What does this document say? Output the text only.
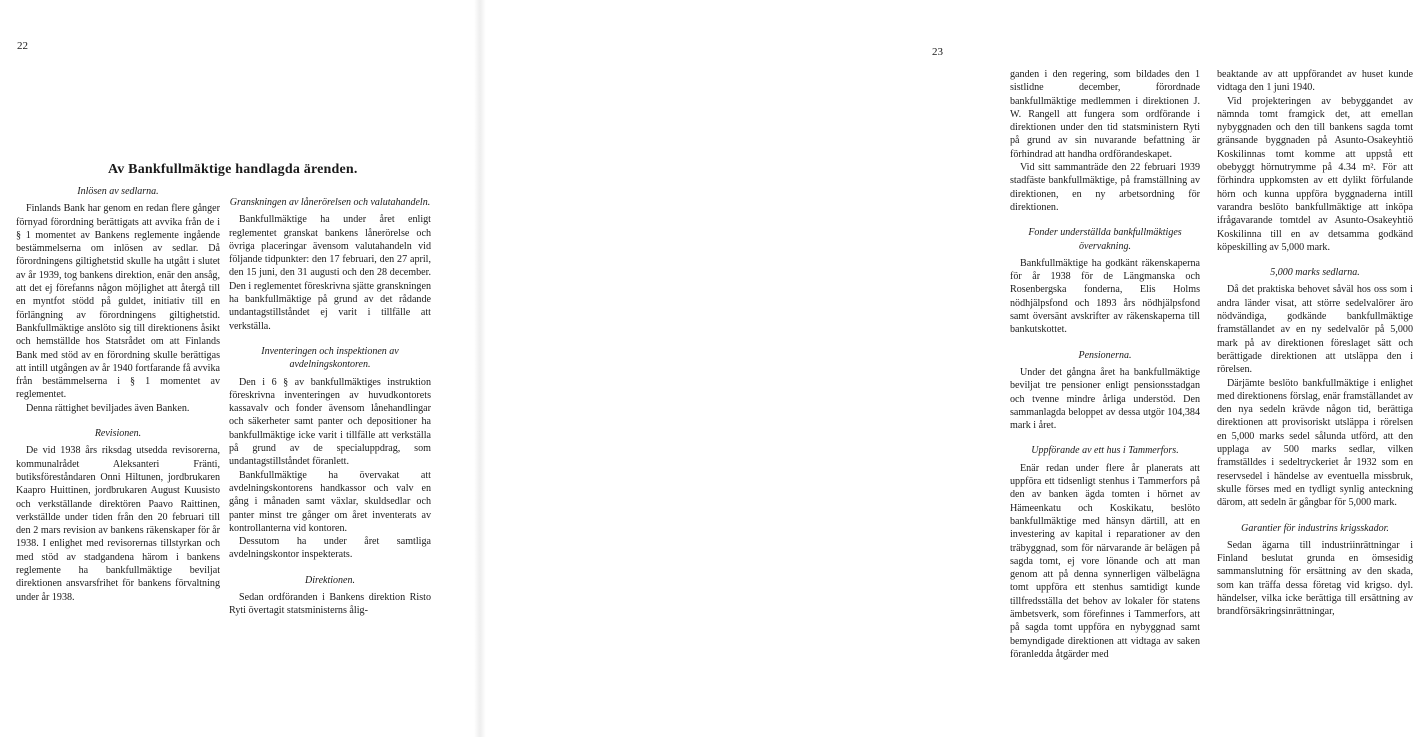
22
Av Bankfullmäktige handlagda ärenden.
Inlösen av sedlarna.

Finlands Bank har genom en redan flere gånger förnyad förordning berättigats att avvika från de i § 1 momentet av Bankens reglemente ingående bestämmelserna om inlösen av sedlar. Då förordningens giltighetstid skulle ha utgått i slutet av år 1939, tog bankens direktion, enär den ansåg, att det ej förefanns någon möjlighet att återgå till en myntfot stödd på guldet, initiativ till en förlängning av förordningens giltighetstid. Bankfullmäktige anslöto sig till direktionens åsikt och hemställde hos Statsrådet om att Finlands Bank med stöd av en förordning skulle berättigas att intill utgången av år 1940 fortfarande få avvika från bestämmelserna i § 1 momentet av reglementet.

Denna rättighet beviljades även Banken.

Revisionen.

De vid 1938 års riksdag utsedda revisorerna, kommunalrådet Aleksanteri Fränti, butiksföreståndaren Onni Hiltunen, jordbrukaren Kaapro Huittinen, jordbrukaren August Kuusisto och verkställande direktören Paavo Raittinen, verkställde under tiden från den 20 februari till den 2 mars revision av bankens räkenskaper för år 1938. I enlighet med revisorernas tillstyrkan och med stöd av stadgandena härom i bankens reglemente ha bankfullmäktige beviljat direktionen ansvarsfrihet för bankens förvaltning under år 1938.

Granskningen av lånerörelsen och valutahandeln.

Bankfullmäktige ha under året enligt reglementet granskat bankens lånerörelse och övriga placeringar ävensom valutahandeln vid följande tidpunkter: den 17 februari, den 27 april, den 15 juni, den 31 augusti och den 28 december. Den i reglementet föreskrivna sjätte granskningen ha bankfullmäktige på grund av det rådande undantagstillståndet ej varit i tillfälle att verkställa.

Inventeringen och inspektionen av avdelningskontoren.

Den i 6 § av bankfullmäktiges instruktion föreskrivna inventeringen av huvudkontorets kassavalv och fonder ävensom lånehandlingar och säkerheter samt panter och depositioner ha bankfullmäktige icke varit i tillfälle att verkställa på grund av de specialuppdrag, som undantagstillståndet föranlett.

Bankfullmäktige ha övervakat att avdelningskontorens handkassor och valv en gång i månaden samt växlar, skuldsedlar och panter minst tre gånger om året inventerats av kontrollanterna vid kontoren.

Dessutom ha under året samtliga avdelningskontor inspekterats.

Direktionen.

Sedan ordföranden i Bankens direktion Risto Ryti övertagit statsministerns ålig-

23

ganden i den regering, som bildades den 1 sistlidne december, förordnade bankfullmäktige medlemmen i direktionen J. W. Rangell att fungera som ordförande i direktionen under den tid statsministern Ryti på grund av sin nuvarande befattning är förhindrad att handha ordförandeskapet.

Vid sitt sammanträde den 22 februari 1939 stadfäste bankfullmäktige, på framställning av direktionen, en ny arbetsordning för direktionen.

Fonder underställda bankfullmäktiges övervakning.

Bankfullmäktige ha godkänt räkenskaperna för år 1938 för de Längmanska och Rosenbergska fonderna, Elis Holms nödhjälpsfond och 1893 års nödhjälpsfond samt översänt avskrifter av räkenskaperna till bankutskottet.

Pensionerna.

Under det gångna året ha bankfullmäktige beviljat tre pensioner enligt pensionsstadgan och tvenne mindre årliga understöd. Den sammanlagda beloppet av dessa utgör 104,384 mark i året.

Uppförande av ett hus i Tammerfors.

Enär redan under flere år planerats att uppföra ett tidsenligt stenhus i Tammerfors på den av banken ägda tomten i hörnet av Hämeenkatu och Koskikatu, beslöto bankfullmäktige med hänsyn därtill, att en investering av kapital i reparationer av den träbyggnad, som för närvarande är belägen på sagda tomt, ej vore lönande och att man genom att på denna synnerligen välbelägna tomt uppföra ett stenhus samtidigt kunde tillfredsställa det behov av lokaler för statens ämbetsverk, som förefinnes i Tammerfors, att på sagda tomt uppföra en nybyggnad samt bemyndigade direktionen att vidtaga av saken föranledda åtgärder med

beaktande av att uppförandet av huset kunde vidtaga den 1 juni 1940.

Vid projekteringen av bebyggandet av nämnda tomt framgick det, att emellan nybyggnaden och den till bankens sagda tomt gränsande byggnaden på Asunto-Osakeyhtiö Koskilinnas tomt komme att uppstå ett obebyggt hörnutrymme på 4.34 m². För att förhindra uppkomsten av ett dylikt förfulande hörn och kunna uppföra byggnaderna intill varandra beslöto bankfullmäktige att inköpa ifrågavarande tomtdel av Asunto-Osakeyhtiö Koskilinna till en av detsamma godkänd köpeskilling av 5,000 mark.

5,000 marks sedlarna.

Då det praktiska behovet såväl hos oss som i andra länder visat, att större sedelvalörer äro nödvändiga, godkände bankfullmäktige framställandet av en ny sedelvalör på 5,000 mark på av direktionen föreslaget sätt och berättigade direktionen att utsläppa den i rörelsen.

Därjämte beslöto bankfullmäktige i enlighet med direktionens förslag, enär framställandet av den nya sedeln krävde någon tid, berättiga direktionen att provisoriskt utsläppa i rörelsen en 5,000 marks sedel sålunda utförd, att den upplaga av 500 marks sedlar, vilken framställdes i sedeltryckeriet år 1932 som en reservsedel i händelse av eventuella missbruk, skulle förses med en tydligt synlig anteckning därom, att sedeln är gångbar för 5,000 mark.

Garantier för industrins krigsskador.

Sedan ägarna till industriinrättningar i Finland beslutat grunda en ömsesidig sammanslutning för ersättning av den skada, som kan träffa dessa företag vid krigso. dyl. händelser, vilka icke berättiga till ersättning av brandförsäkringsinrättningar,
